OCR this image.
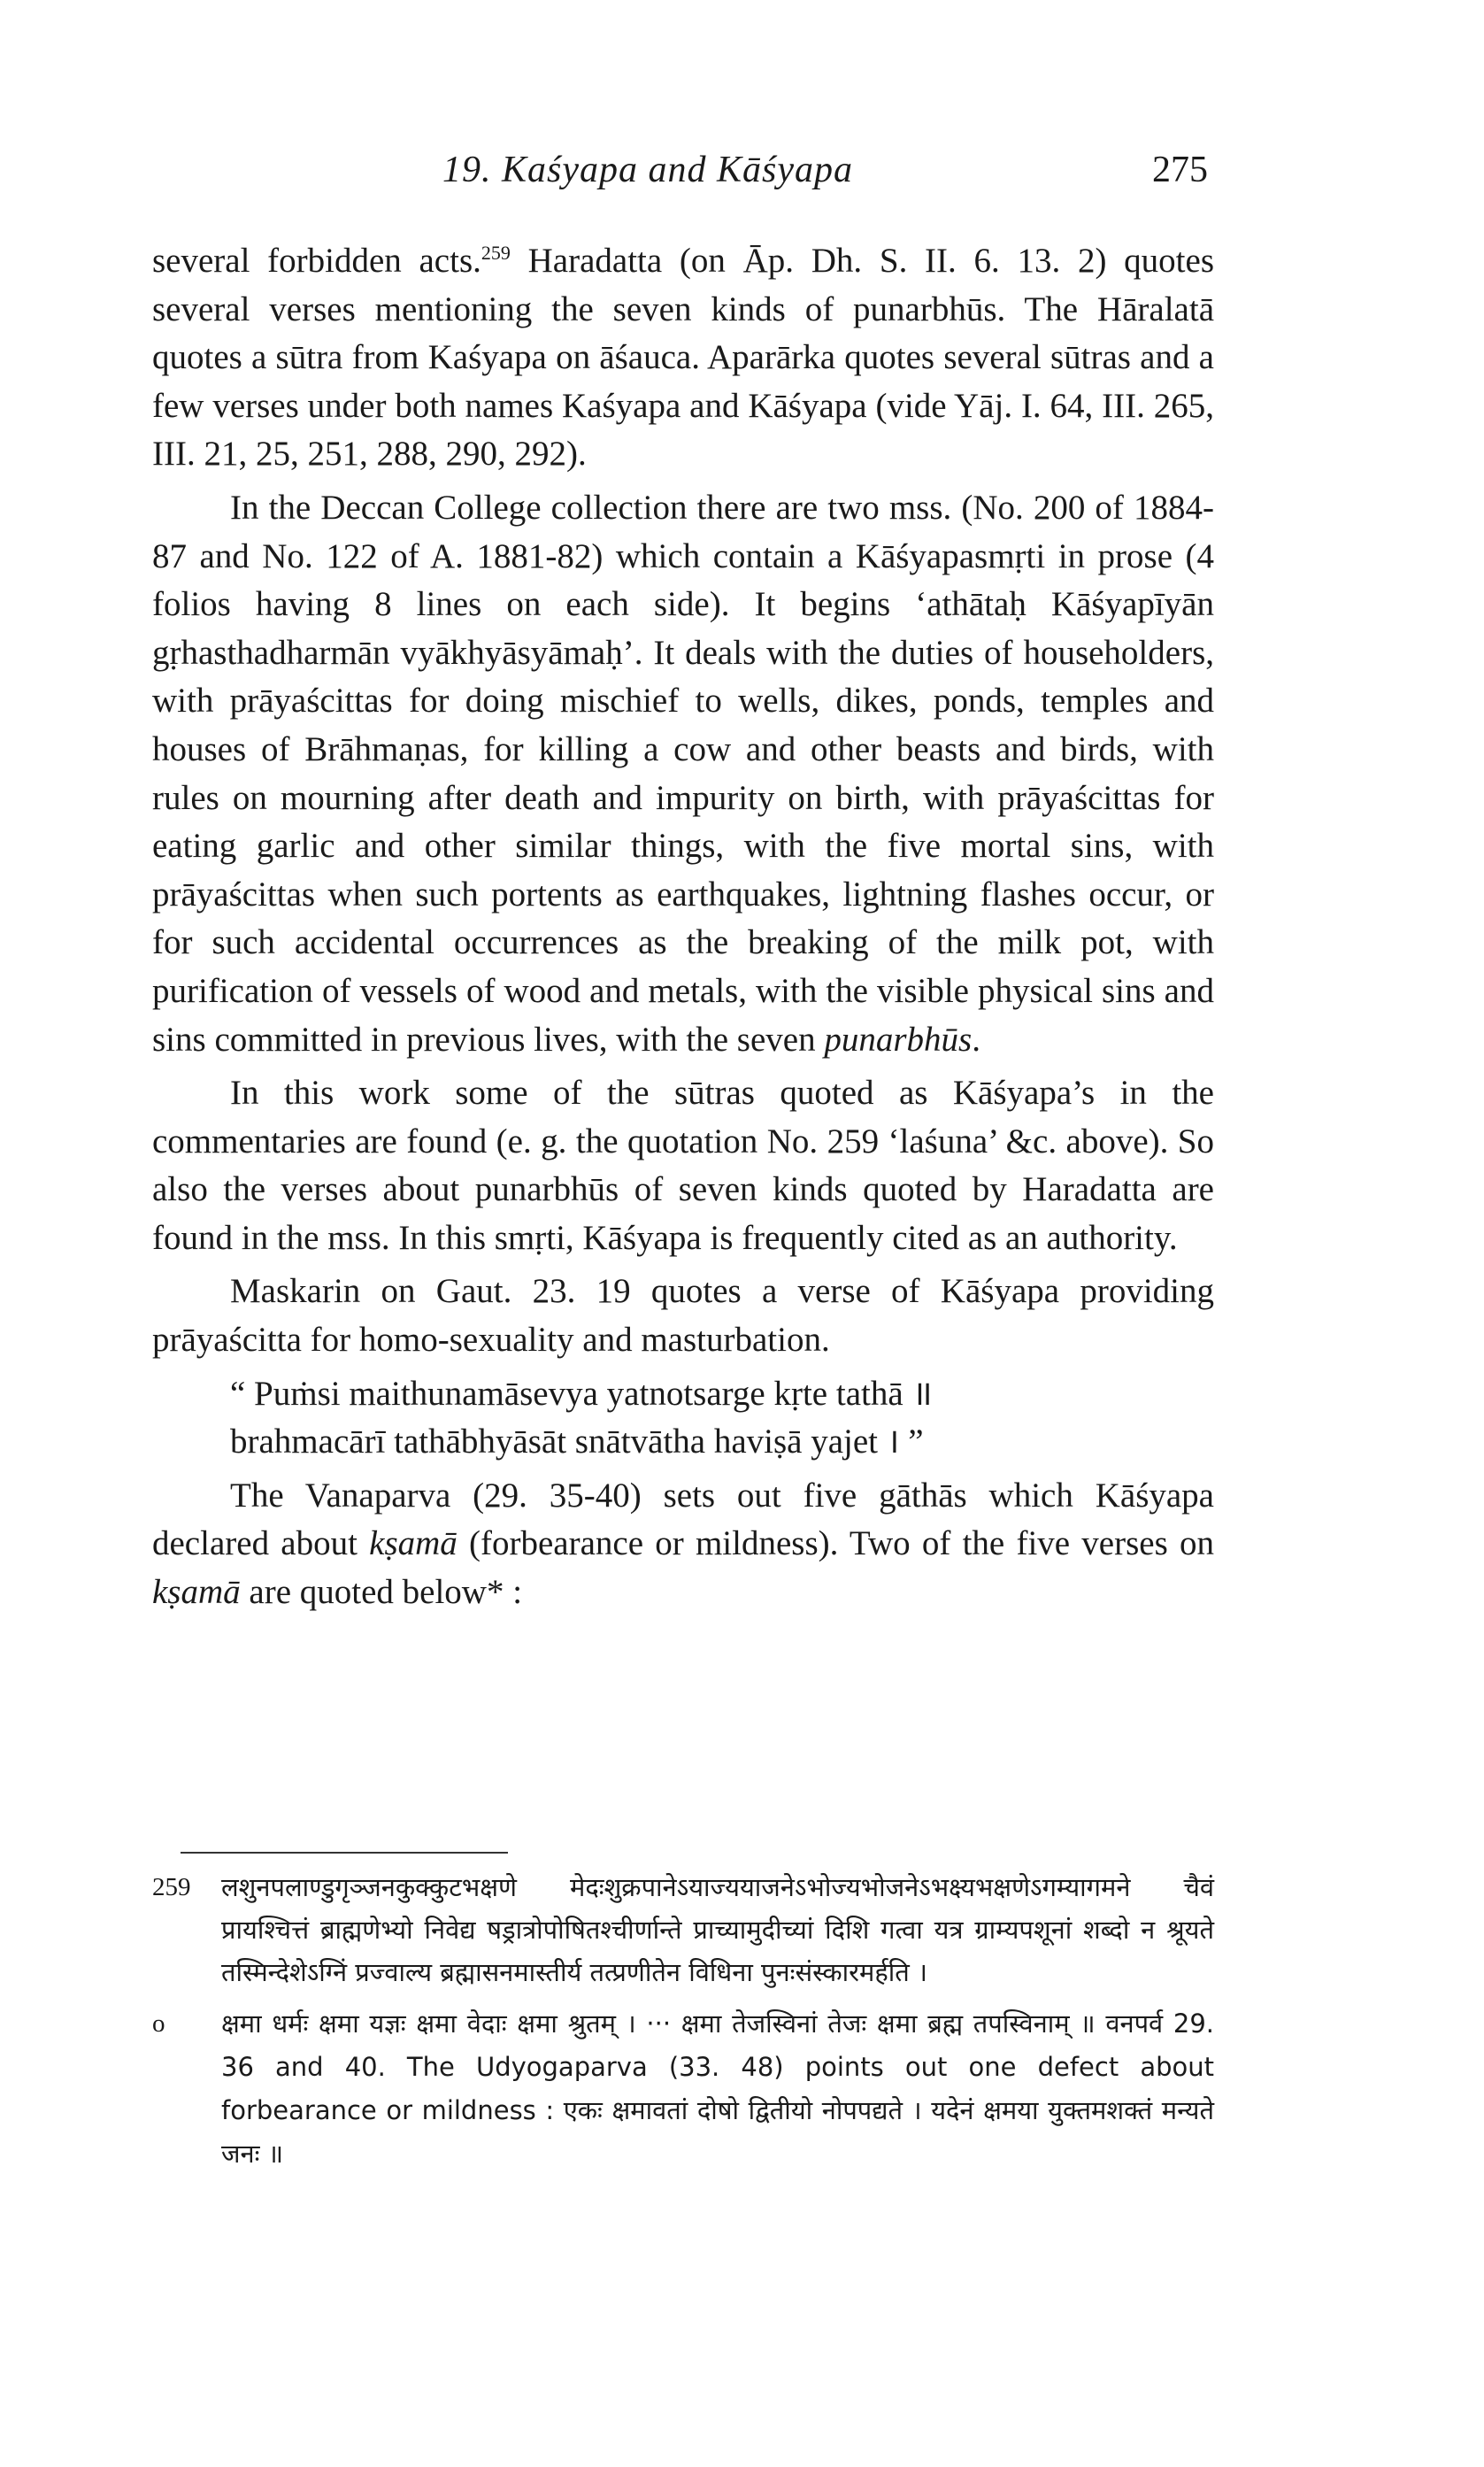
19. Kaśyapa and Kāśyapa	275

several forbidden acts.$^{259}$ Haradatta (on Āp. Dh. S. II. 6. 13. 2) quotes several verses mentioning the seven kinds of punarbhūs. The Hāralatā quotes a sūtra from Kaśyapa on āśauca. Aparārka quotes several sūtras and a few verses under both names Kaśyapa and Kāśyapa (vide Yāj. I. 64, III. 265, III. 21, 25, 251, 288, 290, 292).

In the Deccan College collection there are two mss. (No. 200 of 1884-87 and No. 122 of A. 1881-82) which contain a Kāśyapasmṛti in prose (4 folios having 8 lines on each side). It begins ‘athātaḥ Kāśyapīyān gṛhasthadharmān vyākhyāsyāmaḥ’. It deals with the duties of householders, with prāyaścittas for doing mischief to wells, dikes, ponds, temples and houses of Brāhmaṇas, for killing a cow and other beasts and birds, with rules on mourning after death and impurity on birth, with prāyaścittas for eating garlic and other similar things, with the five mortal sins, with prāyaścittas when such portents as earthquakes, lightning flashes occur, or for such accidental occurrences as the breaking of the milk pot, with purification of vessels of wood and metals, with the visible physical sins and sins committed in previous lives, with the seven punarbhūs.

In this work some of the sūtras quoted as Kāśyapa’s in the commentaries are found (e. g. the quotation No. 259 ‘laśuna’ &c. above). So also the verses about punarbhūs of seven kinds quoted by Haradatta are found in the mss. In this smṛti, Kāśyapa is frequently cited as an authority.

Maskarin on Gaut. 23. 19 quotes a verse of Kāśyapa providing prāyaścitta for homo-sexuality and masturbation.

“ Puṁsi maithunamāsevya yatnotsarge kṛte tathā ॥
brahmacārī tathābhyāsāt snātvātha haviṣā yajet । ”

The Vanaparva (29. 35-40) sets out five gāthās which Kāśyapa declared about kṣamā (forbearance or mildness). Two of the five verses on kṣamā are quoted below* :

259	लशुनपलाण्डुगृञ्जनकुक्कुटभक्षणे मेदःशुक्रपानेऽयाज्ययाजनेऽभोज्यभोजनेऽभक्ष्यभक्षणेऽगम्यागमने चैवं प्रायश्चित्तं ब्राह्मणेभ्यो निवेद्य षड्रात्रोपोषितश्चीर्णान्ते प्राच्यामुदीच्यां दिशि गत्वा यत्र ग्राम्यपशूनां शब्दो न श्रूयते तस्मिन्देशेऽग्निं प्रज्वाल्य ब्रह्मासनमास्तीर्य तत्प्रणीतेन विधिना पुनःसंस्कारमर्हति ।
o	क्षमा धर्मः क्षमा यज्ञः क्षमा वेदाः क्षमा श्रुतम् । ··· क्षमा तेजस्विनां तेजः क्षमा ब्रह्म तपस्विनाम् ॥ वनपर्व 29. 36 and 40. The Udyogaparva (33. 48) points out one defect about forbearance or mildness : एकः क्षमावतां दोषो द्वितीयो नोपपद्यते । यदेनं क्षमया युक्तमशक्तं मन्यते जनः ॥
